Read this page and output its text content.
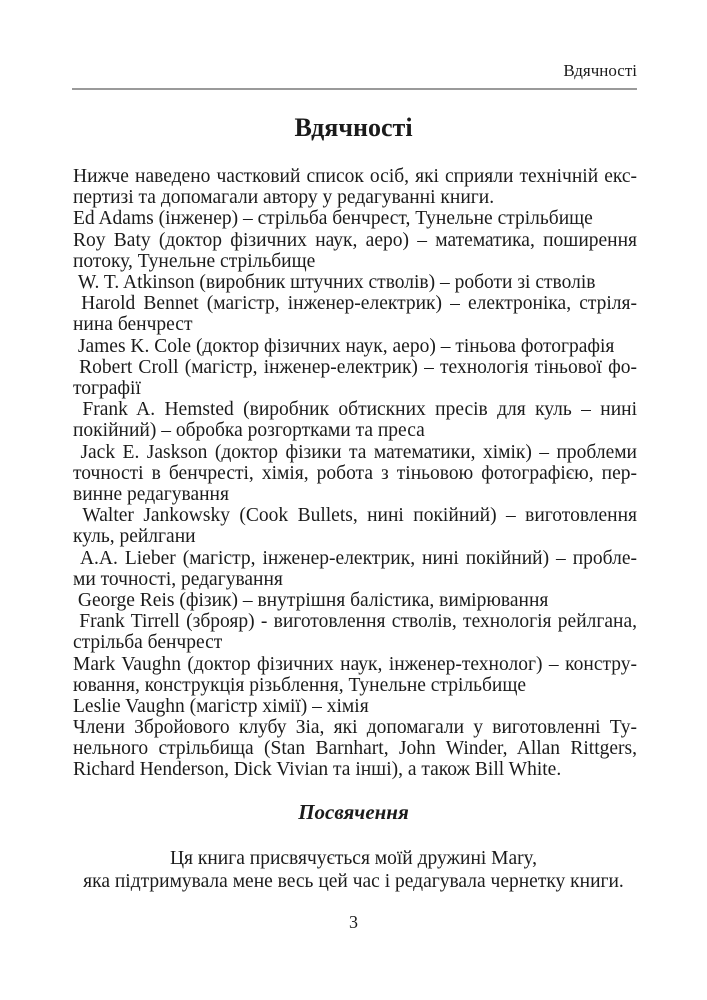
Вдячності
Вдячності
Нижче наведено частковий список осіб, які сприяли технічній екс-
пертизі та допомагали автору у редагуванні книги.
Ed Adams (інженер) – стрільба бенчрест, Тунельне стрільбище
Roy Baty (доктор фізичних наук, аеро) – математика, поширення
потоку, Тунельне стрільбище
W. T. Atkinson (виробник штучних стволів) – роботи зі стволів
Harold Bennet (магістр, інженер-електрик) – електроніка, стріля-
нина бенчрест
James K. Cole (доктор фізичних наук, аеро) – тіньова фотографія
Robert Croll (магістр, інженер-електрик) – технологія тіньової фо-
тографії
Frank A. Hemsted (виробник обтискних пресів для куль – нині
покійний) – обробка розгортками та преса
Jack E. Jaskson (доктор фізики та математики, хімік) – проблеми
точності в бенчресті, хімія, робота з тіньовою фотографією, пер-
винне редагування
Walter Jankowsky (Cook Bullets, нині покійний) – виготовлення
куль, рейлгани
A.A. Lieber (магістр, інженер-електрик, нині покійний) – пробле-
ми точності, редагування
George Reis (фізик) – внутрішня балістика, вимірювання
Frank Tirrell (зброяр) - виготовлення стволів, технологія рейлгана,
стрільба бенчрест
Mark Vaughn (доктор фізичних наук, інженер-технолог) – констру-
ювання, конструкція різьблення, Тунельне стрільбище
Leslie Vaughn (магістр хімії) – хімія
Члени Збройового клубу Зіа, які допомагали у виготовленні Ту-
нельного стрільбища (Stan Barnhart, John Winder, Allan Rittgers,
Richard Henderson, Dick Vivian та інші), а також Bill White.
Посвячення
Ця книга присвячується моїй дружині Mary,
яка підтримувала мене весь цей час і редагувала чернетку книги.
3
